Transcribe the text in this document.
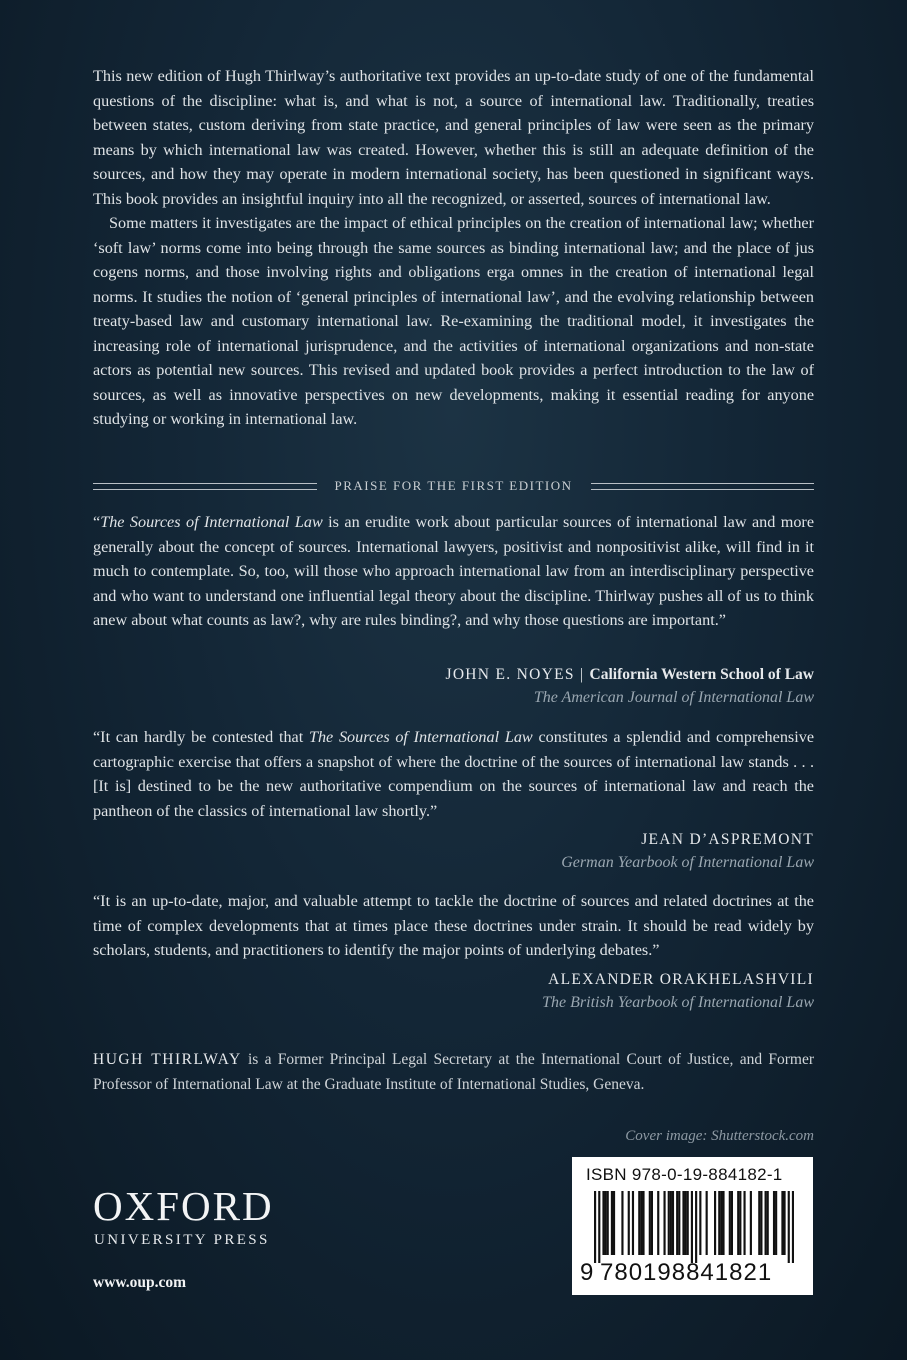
This new edition of Hugh Thirlway’s authoritative text provides an up-to-date study of one of the fundamental questions of the discipline: what is, and what is not, a source of international law. Traditionally, treaties between states, custom deriving from state practice, and general principles of law were seen as the primary means by which international law was created. However, whether this is still an adequate definition of the sources, and how they may operate in modern international society, has been questioned in significant ways. This book provides an insightful inquiry into all the recognized, or asserted, sources of international law.

Some matters it investigates are the impact of ethical principles on the creation of international law; whether ‘soft law’ norms come into being through the same sources as binding international law; and the place of jus cogens norms, and those involving rights and obligations erga omnes in the creation of international legal norms. It studies the notion of ‘general principles of international law’, and the evolving relationship between treaty-based law and customary international law. Re-examining the traditional model, it investigates the increasing role of international jurisprudence, and the activities of international organizations and non-state actors as potential new sources. This revised and updated book provides a perfect introduction to the law of sources, as well as innovative perspectives on new developments, making it essential reading for anyone studying or working in international law.

PRAISE FOR THE FIRST EDITION

“The Sources of International Law is an erudite work about particular sources of international law and more generally about the concept of sources. International lawyers, positivist and nonpositivist alike, will find in it much to contemplate. So, too, will those who approach international law from an interdisciplinary perspective and who want to understand one influential legal theory about the discipline. Thirlway pushes all of us to think anew about what counts as law?, why are rules binding?, and why those questions are important.”

JOHN E. NOYES | California Western School of Law
The American Journal of International Law

“It can hardly be contested that The Sources of International Law constitutes a splendid and comprehensive cartographic exercise that offers a snapshot of where the doctrine of the sources of international law stands . . . [It is] destined to be the new authoritative compendium on the sources of international law and reach the pantheon of the classics of international law shortly.”

JEAN D’ASPREMONT
German Yearbook of International Law

“It is an up-to-date, major, and valuable attempt to tackle the doctrine of sources and related doctrines at the time of complex developments that at times place these doctrines under strain. It should be read widely by scholars, students, and practitioners to identify the major points of underlying debates.”

ALEXANDER ORAKHELASHVILI
The British Yearbook of International Law
HUGH THIRLWAY is a Former Principal Legal Secretary at the International Court of Justice, and Former Professor of International Law at the Graduate Institute of International Studies, Geneva.
Cover image: Shutterstock.com
OXFORD
UNIVERSITY PRESS
www.oup.com
ISBN 978-0-19-884182-1
9 780198841821
